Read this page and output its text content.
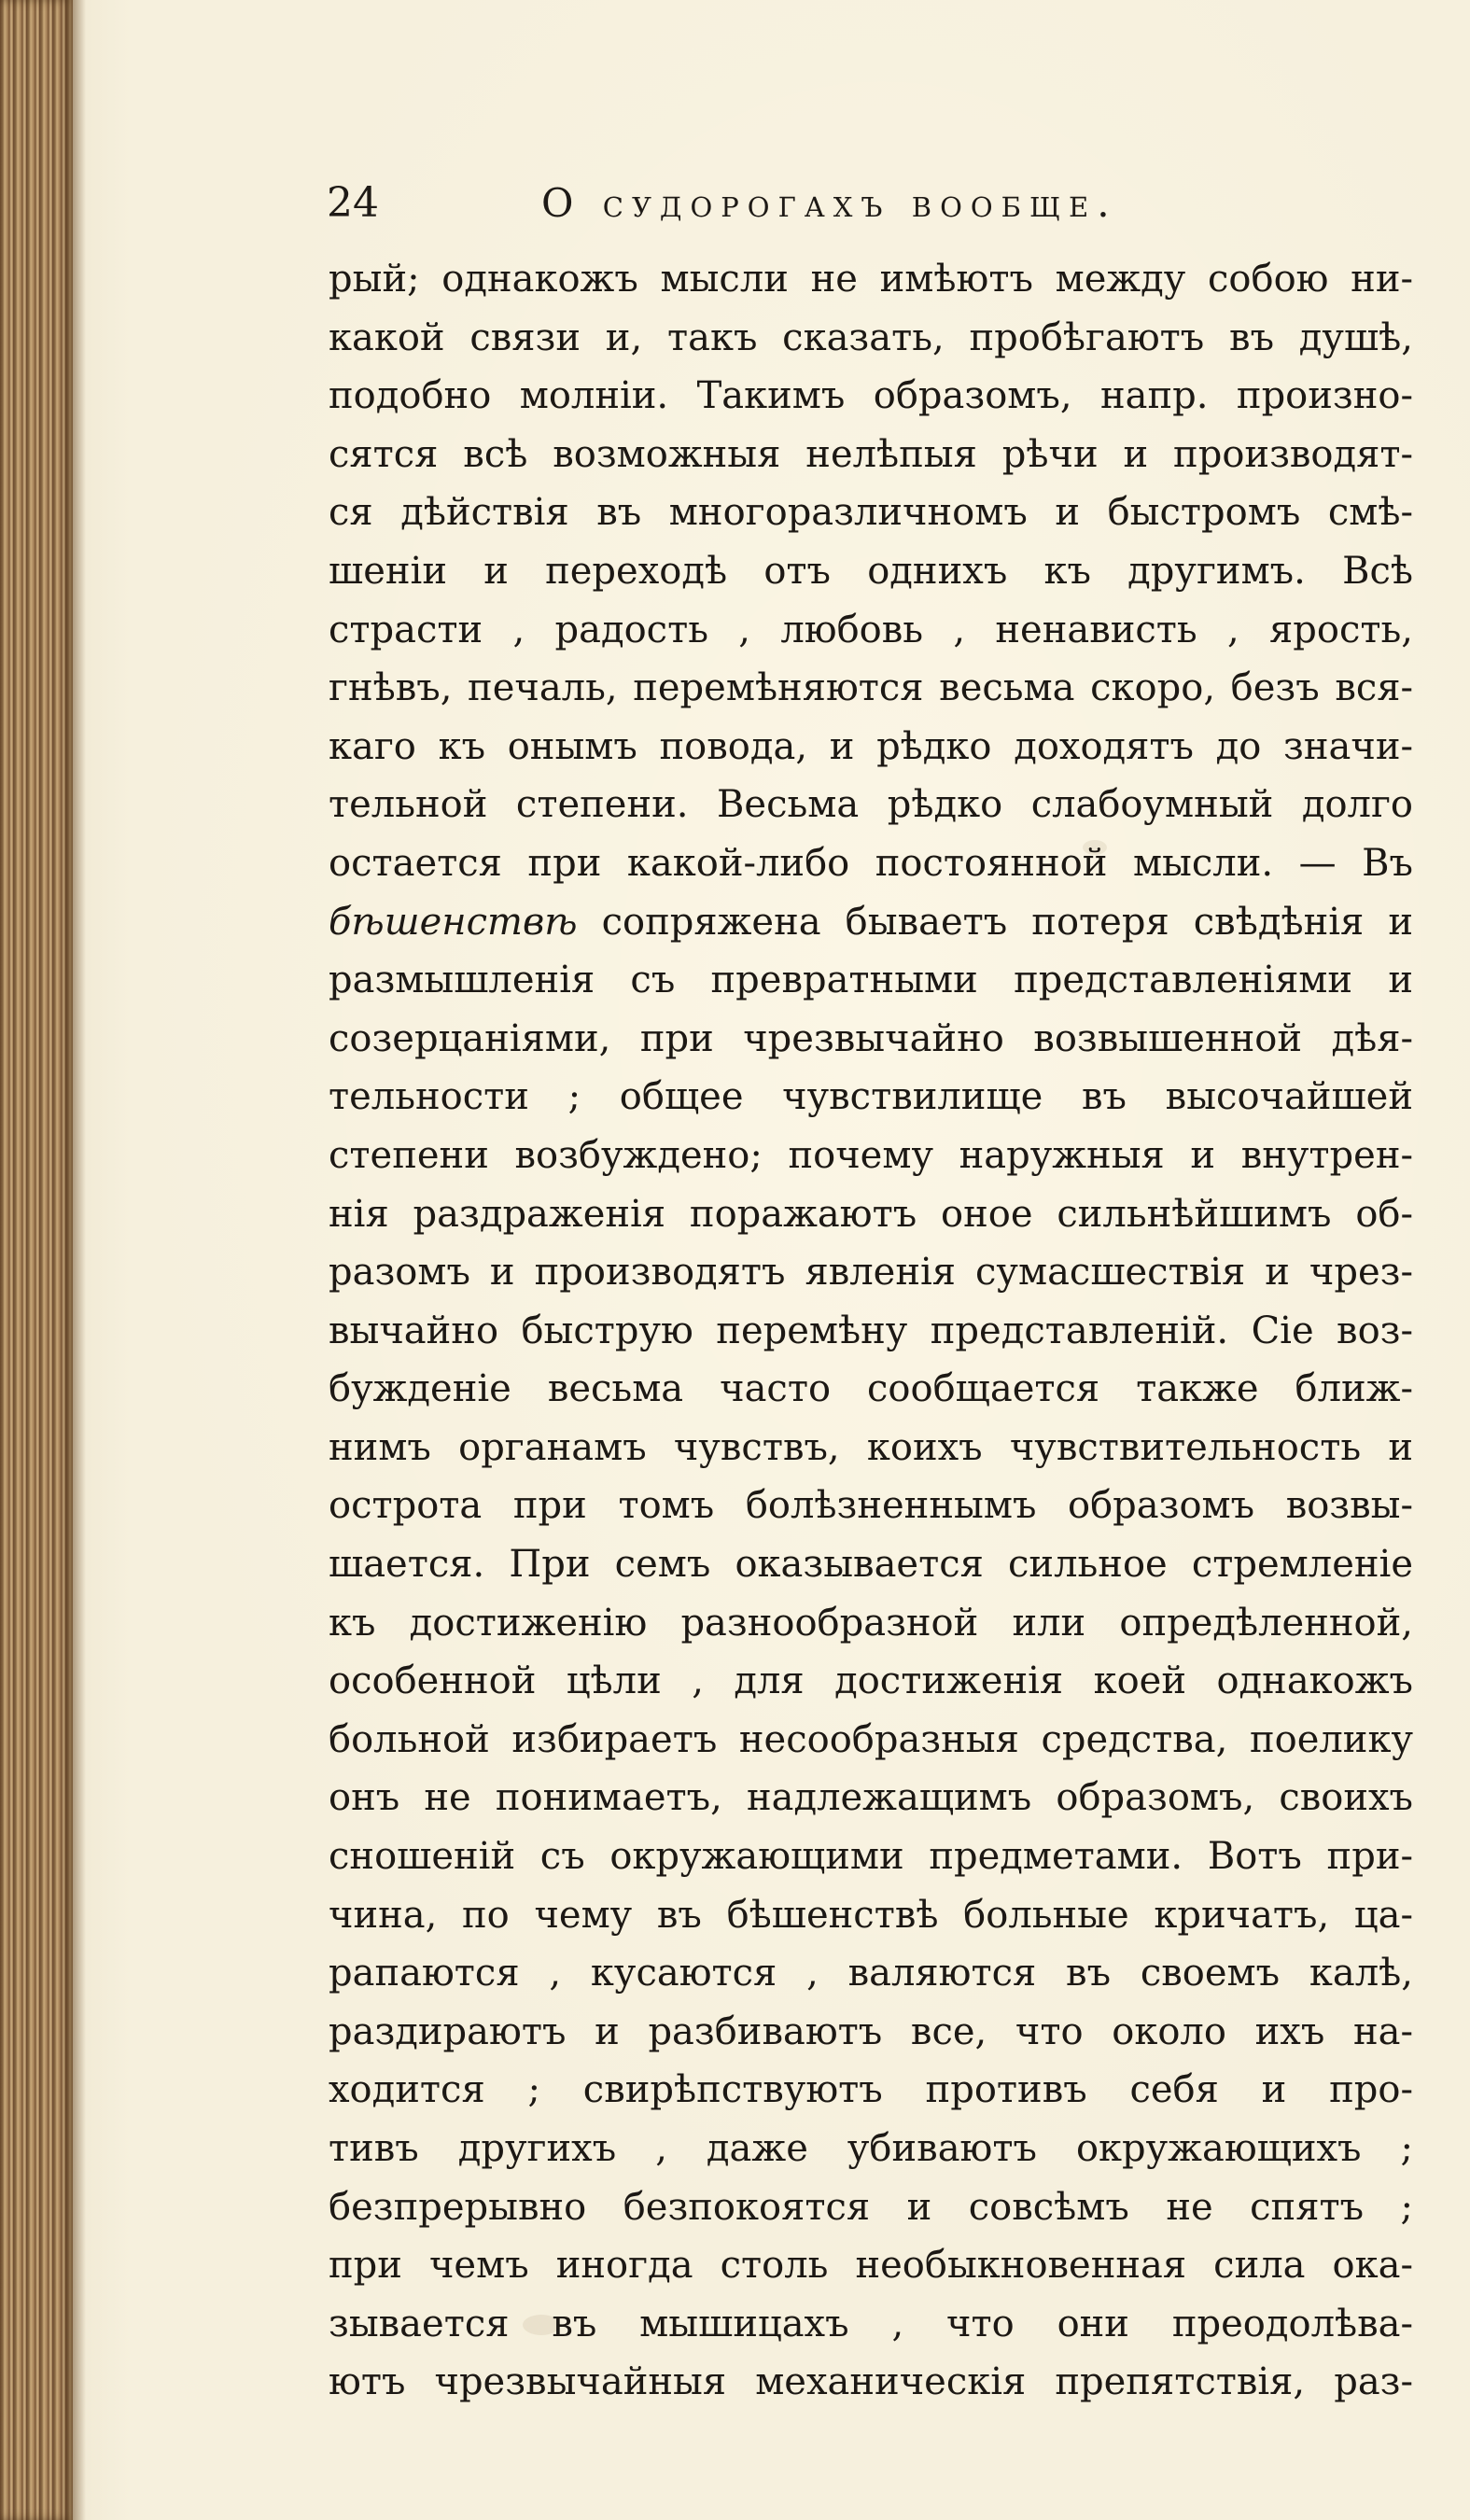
24	О судорогахъ вообще.
рый; однакожъ мысли не имѣютъ между собою ни-
какой связи и, такъ сказать, пробѣгаютъ въ душѣ,
подобно молніи. Такимъ образомъ, напр. произно-
сятся всѣ возможныя нелѣпыя рѣчи и производят-
ся дѣйствія въ многоразличномъ и быстромъ смѣ-
шеніи и переходѣ отъ однихъ къ другимъ. Всѣ
страсти , радость , любовь , ненависть , ярость,
гнѣвъ, печаль, перемѣняются весьма скоро, безъ вся-
каго къ онымъ повода, и рѣдко доходятъ до значи-
тельной степени. Весьма рѣдко слабоумный долго
остается при какой-либо постоянной мысли. — Въ
бѣшенствѣ сопряжена бываетъ потеря свѣдѣнія и
размышленія съ превратными представленіями и
созерцаніями, при чрезвычайно возвышенной дѣя-
тельности ; общее чувствилище въ высочайшей
степени возбуждено; почему наружныя и внутрен-
нія раздраженія поражаютъ оное сильнѣйшимъ об-
разомъ и производятъ явленія сумасшествія и чрез-
вычайно быструю перемѣну представленій. Сіе воз-
бужденіе весьма часто сообщается также ближ-
нимъ органамъ чувствъ, коихъ чувствительность и
острота при томъ болѣзненнымъ образомъ возвы-
шается. При семъ оказывается сильное стремленіе
къ достиженію разнообразной или опредѣленной,
особенной цѣли , для достиженія коей однакожъ
больной избираетъ несообразныя средства, поелику
онъ не понимаетъ, надлежащимъ образомъ, своихъ
сношеній съ окружающими предметами. Вотъ при-
чина, по чему въ бѣшенствѣ больные кричатъ, ца-
рапаются , кусаются , валяются въ своемъ калѣ,
раздираютъ и разбиваютъ все, что около ихъ на-
ходится ; свирѣпствуютъ противъ себя и про-
тивъ другихъ , даже убиваютъ окружающихъ ;
безпрерывно безпокоятся и совсѣмъ не спятъ ;
при чемъ иногда столь необыкновенная сила ока-
зывается въ мышицахъ , что они преодолѣва-
ютъ чрезвычайныя механическія препятствія, раз-
